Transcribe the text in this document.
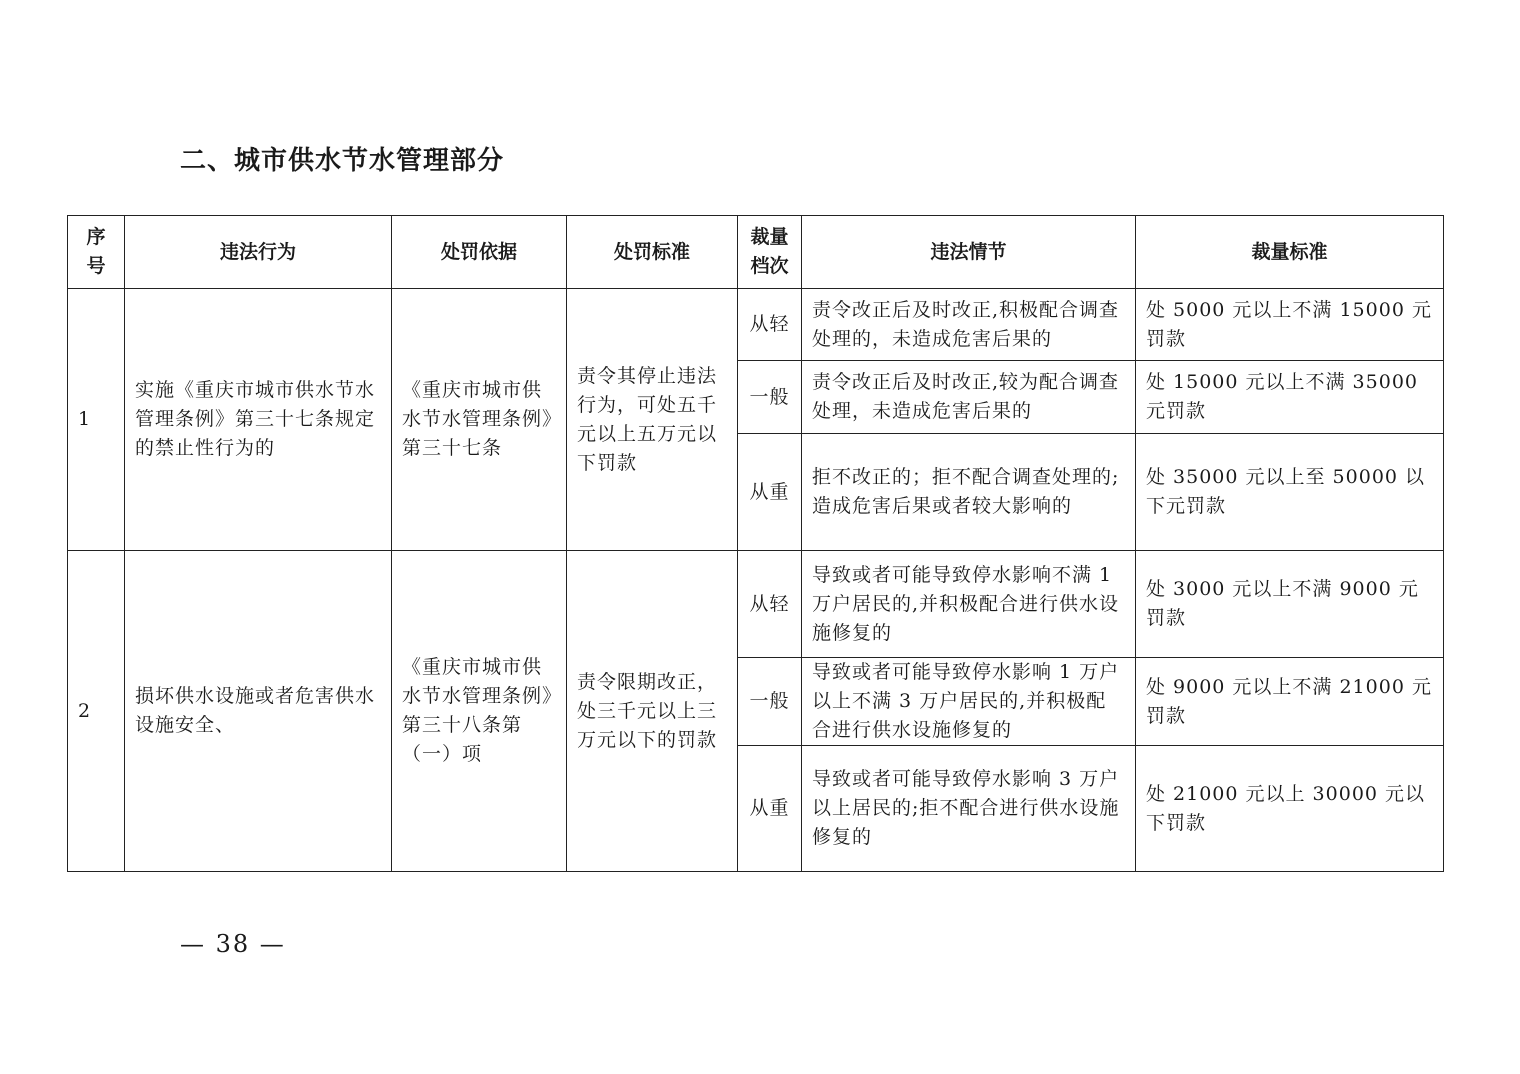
二、城市供水节水管理部分
序号	违法行为	处罚依据	处罚标准	裁量档次	违法情节	裁量标准
1	实施《重庆市城市供水节水管理条例》第三十七条规定的禁止性行为的	《重庆市城市供水节水管理条例》第三十七条	责令其停止违法行为，可处五千元以上五万元以下罚款	从轻	责令改正后及时改正,积极配合调查处理的，未造成危害后果的	处 5000 元以上不满 15000 元罚款
				一般	责令改正后及时改正,较为配合调查处理，未造成危害后果的	处 15000 元以上不满 35000 元罚款
				从重	拒不改正的；拒不配合调查处理的;造成危害后果或者较大影响的	处 35000 元以上至 50000 以下元罚款
2	损坏供水设施或者危害供水设施安全、	《重庆市城市供水节水管理条例》第三十八条第（一）项	责令限期改正，处三千元以上三万元以下的罚款	从轻	导致或者可能导致停水影响不满 1 万户居民的,并积极配合进行供水设施修复的	处 3000 元以上不满 9000 元罚款
				一般	导致或者可能导致停水影响 1 万户以上不满 3 万户居民的,并积极配合进行供水设施修复的	处 9000 元以上不满 21000 元罚款
				从重	导致或者可能导致停水影响 3 万户以上居民的;拒不配合进行供水设施修复的	处 21000 元以上 30000 元以下罚款
— 38 —
